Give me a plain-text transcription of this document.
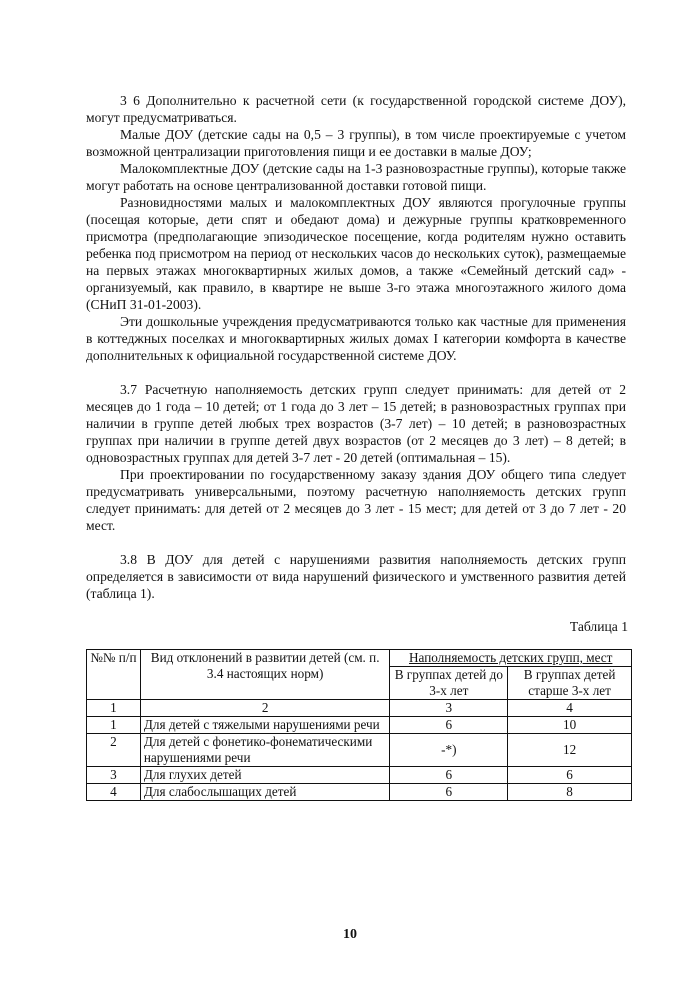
3 6 Дополнительно к расчетной сети (к государственной городской системе ДОУ), могут предусматриваться.

Малые ДОУ (детские сады на 0,5 – 3 группы), в том числе проектируемые с учетом возможной централизации приготовления пищи и ее доставки в малые ДОУ;

Малокомплектные ДОУ (детские сады на 1-3 разновозрастные группы), которые также могут работать на основе централизованной доставки готовой пищи.

Разновидностями малых и малокомплектных ДОУ являются прогулочные группы (посещая которые, дети спят и обедают дома) и дежурные группы кратковременного присмотра (предполагающие эпизодическое посещение, когда родителям нужно оставить ребенка под присмотром на период от нескольких часов до нескольких суток), размещаемые на первых этажах многоквартирных жилых домов, а также «Семейный детский сад» - организуемый, как правило, в квартире не выше 3-го этажа многоэтажного жилого дома (СНиП 31-01-2003).

Эти дошкольные учреждения предусматриваются только как частные для применения в коттеджных поселках и многоквартирных жилых домах I категории комфорта в качестве дополнительных к официальной государственной системе ДОУ.

3.7 Расчетную наполняемость детских групп следует принимать: для детей от 2 месяцев до 1 года – 10 детей; от 1 года до 3 лет – 15 детей; в разновозрастных группах при наличии в группе детей любых трех возрастов (3-7 лет) – 10 детей; в разновозрастных группах при наличии в группе детей двух возрастов (от 2 месяцев до 3 лет) – 8 детей; в одновозрастных группах для детей 3-7 лет - 20 детей (оптимальная – 15).

При проектировании по государственному заказу здания ДОУ общего типа следует предусматривать универсальными, поэтому расчетную наполняемость детских групп следует принимать: для детей от 2 месяцев до 3 лет - 15 мест; для детей от 3 до 7 лет - 20 мест.

3.8 В ДОУ для детей с нарушениями развития наполняемость детских групп определяется в зависимости от вида нарушений физического и умственного развития детей (таблица 1).

Таблица 1

№№ п/п	Вид отклонений в развитии детей (см. п. 3.4 настоящих норм)	Наполняемость детских групп, мест	
		В группах детей до 3-х лет	В группах детей старше 3-х лет
1	2	3	4
1	Для детей с тяжелыми нарушениями речи	6	10
2	Для детей с фонетико-фонематическими нарушениями речи	-*)	12
3	Для глухих детей	6	6
4	Для слабослышащих детей	6	8
10
